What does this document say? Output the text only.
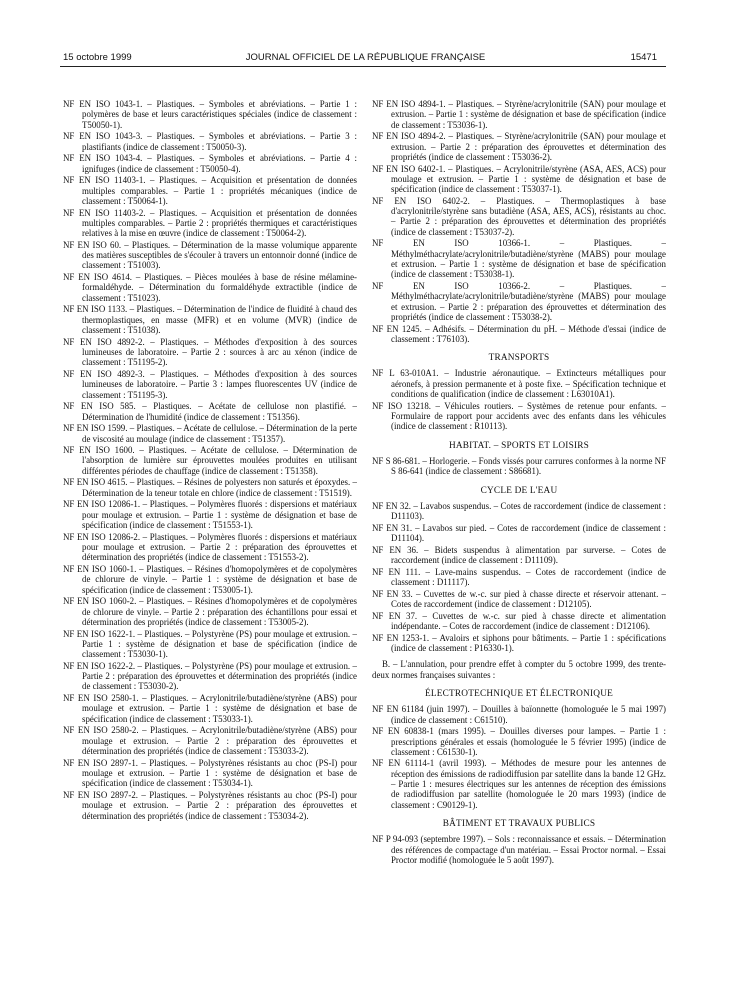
15 octobre 1999	JOURNAL OFFICIEL DE LA RÉPUBLIQUE FRANÇAISE	15471

NF EN ISO 1043-1. – Plastiques. – Symboles et abréviations. – Partie 1 : polymères de base et leurs caractéristiques spéciales (indice de classement : T50050-1).

NF EN ISO 1043-3. – Plastiques. – Symboles et abréviations. – Partie 3 : plastifiants (indice de classement : T50050-3).

NF EN ISO 1043-4. – Plastiques. – Symboles et abréviations. – Partie 4 : ignifuges (indice de classement : T50050-4).

NF EN ISO 11403-1. – Plastiques. – Acquisition et présentation de données multiples comparables. – Partie 1 : propriétés mécaniques (indice de classement : T50064-1).

NF EN ISO 11403-2. – Plastiques. – Acquisition et présentation de données multiples comparables. – Partie 2 : propriétés thermiques et caractéristiques relatives à la mise en œuvre (indice de classement : T50064-2).

NF EN ISO 60. – Plastiques. – Détermination de la masse volumique apparente des matières susceptibles de s'écouler à travers un entonnoir donné (indice de classement : T51003).

NF EN ISO 4614. – Plastiques. – Pièces moulées à base de résine mélamine-formaldéhyde. – Détermination du formaldéhyde extractible (indice de classement : T51023).

NF EN ISO 1133. – Plastiques. – Détermination de l'indice de fluidité à chaud des thermoplastiques, en masse (MFR) et en volume (MVR) (indice de classement : T51038).

NF EN ISO 4892-2. – Plastiques. – Méthodes d'exposition à des sources lumineuses de laboratoire. – Partie 2 : sources à arc au xénon (indice de classement : T51195-2).

NF EN ISO 4892-3. – Plastiques. – Méthodes d'exposition à des sources lumineuses de laboratoire. – Partie 3 : lampes fluorescentes UV (indice de classement : T51195-3).

NF EN ISO 585. – Plastiques. – Acétate de cellulose non plastifié. – Détermination de l'humidité (indice de classement : T51356).

NF EN ISO 1599. – Plastiques. – Acétate de cellulose. – Détermination de la perte de viscosité au moulage (indice de classement : T51357).

NF EN ISO 1600. – Plastiques. – Acétate de cellulose. – Détermination de l'absorption de lumière sur éprouvettes moulées produites en utilisant différentes périodes de chauffage (indice de classement : T51358).

NF EN ISO 4615. – Plastiques. – Résines de polyesters non saturés et époxydes. – Détermination de la teneur totale en chlore (indice de classement : T51519).

NF EN ISO 12086-1. – Plastiques. – Polymères fluorés : dispersions et matériaux pour moulage et extrusion. – Partie 1 : système de désignation et base de spécification (indice de classement : T51553-1).

NF EN ISO 12086-2. – Plastiques. – Polymères fluorés : dispersions et matériaux pour moulage et extrusion. – Partie 2 : préparation des éprouvettes et détermination des propriétés (indice de classement : T51553-2).

NF EN ISO 1060-1. – Plastiques. – Résines d'homopolymères et de copolymères de chlorure de vinyle. – Partie 1 : système de désignation et base de spécification (indice de classement : T53005-1).

NF EN ISO 1060-2. – Plastiques. – Résines d'homopolymères et de copolymères de chlorure de vinyle. – Partie 2 : préparation des échantillons pour essai et détermination des propriétés (indice de classement : T53005-2).

NF EN ISO 1622-1. – Plastiques. – Polystyrène (PS) pour moulage et extrusion. – Partie 1 : système de désignation et base de spécification (indice de classement : T53030-1).

NF EN ISO 1622-2. – Plastiques. – Polystyrène (PS) pour moulage et extrusion. – Partie 2 : préparation des éprouvettes et détermination des propriétés (indice de classement : T53030-2).

NF EN ISO 2580-1. – Plastiques. – Acrylonitrile/butadiène/styrène (ABS) pour moulage et extrusion. – Partie 1 : système de désignation et base de spécification (indice de classement : T53033-1).

NF EN ISO 2580-2. – Plastiques. – Acrylonitrile/butadiène/styrène (ABS) pour moulage et extrusion. – Partie 2 : préparation des éprouvettes et détermination des propriétés (indice de classement : T53033-2).

NF EN ISO 2897-1. – Plastiques. – Polystyrènes résistants au choc (PS-I) pour moulage et extrusion. – Partie 1 : système de désignation et base de spécification (indice de classement : T53034-1).

NF EN ISO 2897-2. – Plastiques. – Polystyrènes résistants au choc (PS-I) pour moulage et extrusion. – Partie 2 : préparation des éprouvettes et détermination des propriétés (indice de classement : T53034-2).

NF EN ISO 4894-1. – Plastiques. – Styrène/acrylonitrile (SAN) pour moulage et extrusion. – Partie 1 : système de désignation et base de spécification (indice de classement : T53036-1).

NF EN ISO 4894-2. – Plastiques. – Styrène/acrylonitrile (SAN) pour moulage et extrusion. – Partie 2 : préparation des éprouvettes et détermination des propriétés (indice de classement : T53036-2).

NF EN ISO 6402-1. – Plastiques. – Acrylonitrile/styrène (ASA, AES, ACS) pour moulage et extrusion. – Partie 1 : système de désignation et base de spécification (indice de classement : T53037-1).

NF EN ISO 6402-2. – Plastiques. – Thermoplastiques à base d'acrylonitrile/styrène sans butadiène (ASA, AES, ACS), résistants au choc. – Partie 2 : préparation des éprouvettes et détermination des propriétés (indice de classement : T53037-2).

NF EN ISO 10366-1. – Plastiques. – Méthylméthacrylate/acrylonitrile/butadiène/styrène (MABS) pour moulage et extrusion. – Partie 1 : système de désignation et base de spécification (indice de classement : T53038-1).

NF EN ISO 10366-2. – Plastiques. – Méthylméthacrylate/acrylonitrile/butadiène/styrène (MABS) pour moulage et extrusion. – Partie 2 : préparation des éprouvettes et détermination des propriétés (indice de classement : T53038-2).

NF EN 1245. – Adhésifs. – Détermination du pH. – Méthode d'essai (indice de classement : T76103).

TRANSPORTS

NF L 63-010A1. – Industrie aéronautique. – Extincteurs métalliques pour aéronefs, à pression permanente et à poste fixe. – Spécification technique et conditions de qualification (indice de classement : L63010A1).

NF ISO 13218. – Véhicules routiers. – Systèmes de retenue pour enfants. – Formulaire de rapport pour accidents avec des enfants dans les véhicules (indice de classement : R10113).

HABITAT. – SPORTS ET LOISIRS

NF S 86-681. – Horlogerie. – Fonds vissés pour carrures conformes à la norme NF S 86-641 (indice de classement : S86681).

CYCLE DE L'EAU

NF EN 32. – Lavabos suspendus. – Cotes de raccordement (indice de classement : D11103).

NF EN 31. – Lavabos sur pied. – Cotes de raccordement (indice de classement : D11104).

NF EN 36. – Bidets suspendus à alimentation par surverse. – Cotes de raccordement (indice de classement : D11109).

NF EN 111. – Lave-mains suspendus. – Cotes de raccordement (indice de classement : D11117).

NF EN 33. – Cuvettes de w.-c. sur pied à chasse directe et réservoir attenant. – Cotes de raccordement (indice de classement : D12105).

NF EN 37. – Cuvettes de w.-c. sur pied à chasse directe et alimentation indépendante. – Cotes de raccordement (indice de classement : D12106).

NF EN 1253-1. – Avaloirs et siphons pour bâtiments. – Partie 1 : spécifications (indice de classement : P16330-1).

B. – L'annulation, pour prendre effet à compter du 5 octobre 1999, des trente-deux normes françaises suivantes :

ÉLECTROTECHNIQUE ET ÉLECTRONIQUE

NF EN 61184 (juin 1997). – Douilles à baïonnette (homologuée le 5 mai 1997) (indice de classement : C61510).

NF EN 60838-1 (mars 1995). – Douilles diverses pour lampes. – Partie 1 : prescriptions générales et essais (homologuée le 5 février 1995) (indice de classement : C61530-1).

NF EN 61114-1 (avril 1993). – Méthodes de mesure pour les antennes de réception des émissions de radiodiffusion par satellite dans la bande 12 GHz. – Partie 1 : mesures électriques sur les antennes de réception des émissions de radiodiffusion par satellite (homologuée le 20 mars 1993) (indice de classement : C90129-1).

BÂTIMENT ET TRAVAUX PUBLICS

NF P 94-093 (septembre 1997). – Sols : reconnaissance et essais. – Détermination des références de compactage d'un matériau. – Essai Proctor normal. – Essai Proctor modifié (homologuée le 5 août 1997).
